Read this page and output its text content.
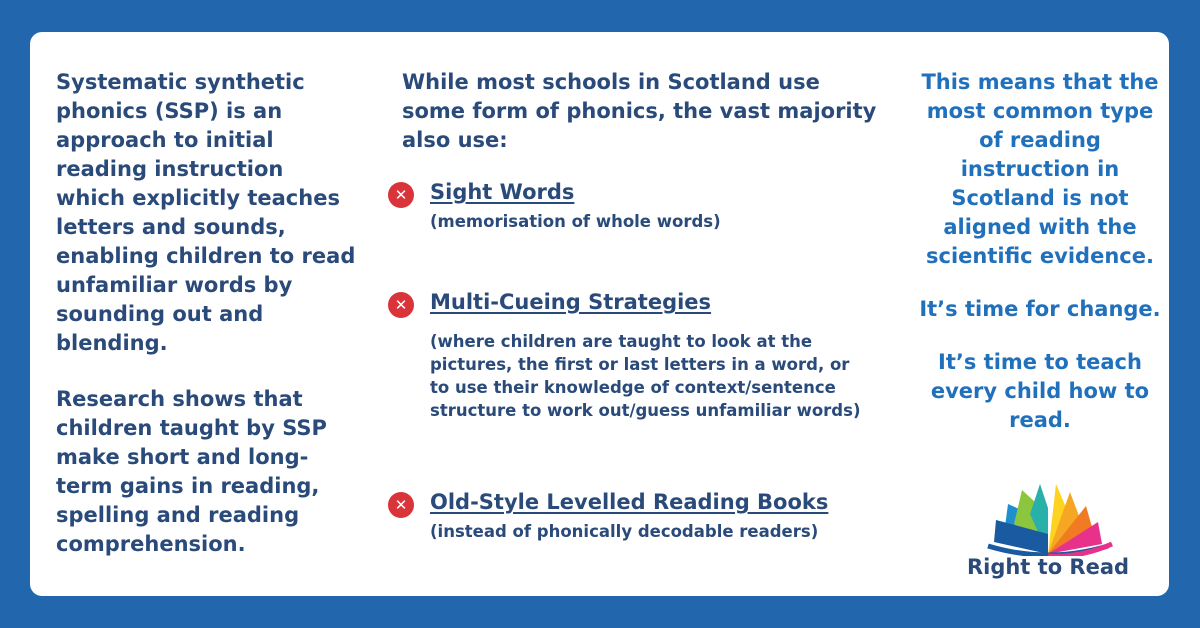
Systematic synthetic phonics (SSP) is an approach to initial reading instruction which explicitly teaches letters and sounds, enabling children to read unfamiliar words by sounding out and blending.

Research shows that children taught by SSP make short and long-term gains in reading, spelling and reading comprehension.

While most schools in Scotland use some form of phonics, the vast majority also use:

✕	Sight Words
(memorisation of whole words)
✕	Multi-Cueing Strategies
(where children are taught to look at the pictures, the first or last letters in a word, or to use their knowledge of context/sentence structure to work out/guess unfamiliar words)
✕	Old-Style Levelled Reading Books
(instead of phonically decodable readers)

This means that the most common type of reading instruction in Scotland is not aligned with the scientific evidence.

It’s time for change.

It’s time to teach every child how to read.

Right to Read
